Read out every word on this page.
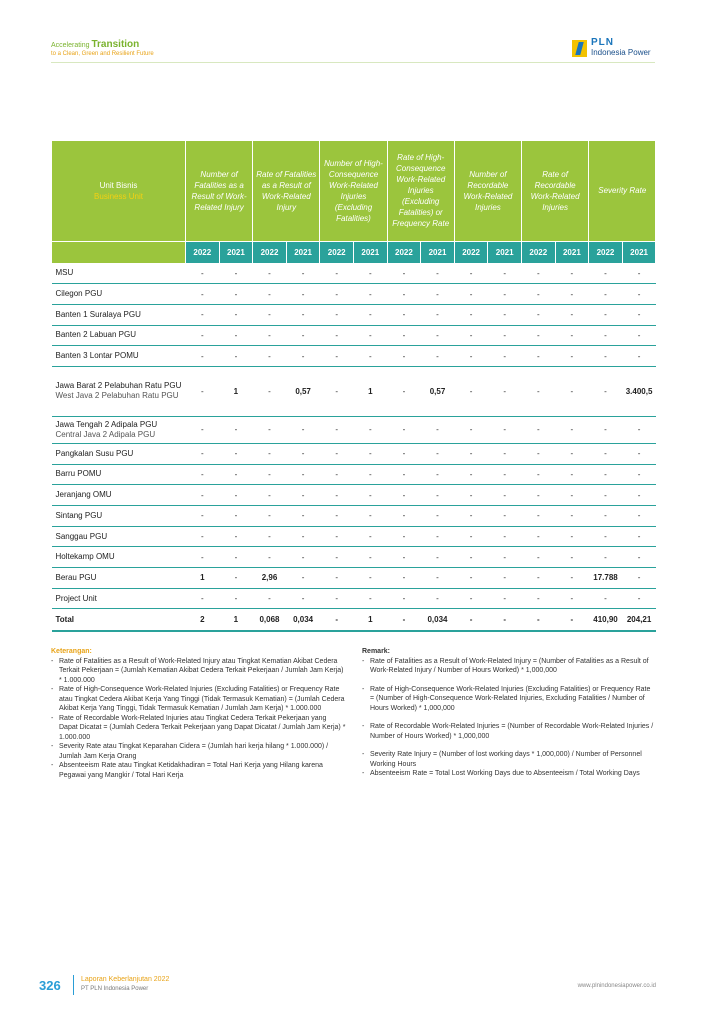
Accelerating Transition
to a Clean, Green and Resilient Future
PLN
Indonesia Power
Unit Bisnis
Business Unit	Number of Fatalities as a Result of Work-Related Injury		Rate of Fatalities as a Result of Work-Related Injury		Number of High-Consequence Work-Related Injuries (Excluding Fatalities)		Rate of High-Consequence Work-Related Injuries (Excluding Fatalities) or Frequency Rate		Number of Recordable Work-Related Injuries		Rate of Recordable Work-Related Injuries		Severity Rate	
	2022	2021	2022	2021	2022	2021	2022	2021	2022	2021	2022	2021	2022	2021
MSU	-	-	-	-	-	-	-	-	-	-	-	-	-	-
Cilegon PGU	-	-	-	-	-	-	-	-	-	-	-	-	-	-
Banten 1 Suralaya PGU	-	-	-	-	-	-	-	-	-	-	-	-	-	-
Banten 2 Labuan PGU	-	-	-	-	-	-	-	-	-	-	-	-	-	-
Banten 3 Lontar POMU	-	-	-	-	-	-	-	-	-	-	-	-	-	-
Jawa Barat 2 Pelabuhan Ratu PGU
West Java 2 Pelabuhan Ratu PGU	-	1	-	0,57	-	1	-	0,57	-	-	-	-	-	3.400,5
Jawa Tengah 2 Adipala PGU
Central Java 2 Adipala PGU	-	-	-	-	-	-	-	-	-	-	-	-	-	-
Pangkalan Susu PGU	-	-	-	-	-	-	-	-	-	-	-	-	-	-
Barru POMU	-	-	-	-	-	-	-	-	-	-	-	-	-	-
Jeranjang OMU	-	-	-	-	-	-	-	-	-	-	-	-	-	-
Sintang PGU	-	-	-	-	-	-	-	-	-	-	-	-	-	-
Sanggau PGU	-	-	-	-	-	-	-	-	-	-	-	-	-	-
Holtekamp OMU	-	-	-	-	-	-	-	-	-	-	-	-	-	-
Berau PGU	1	-	2,96	-	-	-	-	-	-	-	-	-	17.788	-
Project Unit	-	-	-	-	-	-	-	-	-	-	-	-	-	-
Total	2	1	0,068	0,034	-	1	-	0,034	-	-	-	-	410,90	204,21
Keterangan:
- Rate of Fatalities as a Result of Work-Related Injury atau Tingkat Kematian Akibat Cedera Terkait Pekerjaan = (Jumlah Kematian Akibat Cedera Terkait Pekerjaan / Jumlah Jam Kerja) * 1.000.000
- Rate of High-Consequence Work-Related Injuries (Excluding Fatalities) or Frequency Rate atau Tingkat Cedera Akibat Kerja Yang Tinggi (Tidak Termasuk Kematian) = (Jumlah Cedera Akibat Kerja Yang Tinggi, Tidak Termasuk Kematian / Jumlah Jam Kerja) * 1.000.000
- Rate of Recordable Work-Related Injuries atau Tingkat Cedera Terkait Pekerjaan yang Dapat Dicatat = (Jumlah Cedera Terkait Pekerjaan yang Dapat Dicatat / Jumlah Jam Kerja) * 1.000.000
- Severity Rate atau Tingkat Keparahan Cidera = (Jumlah hari kerja hilang * 1.000.000) / Jumlah Jam Kerja Orang
- Absenteeism Rate atau Tingkat Ketidakhadiran = Total Hari Kerja yang Hilang karena Pegawai yang Mangkir / Total Hari Kerja
Remark:
- Rate of Fatalities as a Result of Work-Related Injury = (Number of Fatalities as a Result of Work-Related Injury / Number of Hours Worked) * 1,000,000
- Rate of High-Consequence Work-Related Injuries (Excluding Fatalities) or Frequency Rate = (Number of High-Consequence Work-Related Injuries, Excluding Fatalities / Number of Hours Worked) * 1,000,000
- Rate of Recordable Work-Related Injuries = (Number of Recordable Work-Related Injuries / Number of Hours Worked) * 1,000,000
- Severity Rate Injury = (Number of lost working days * 1,000,000) / Number of Personnel Working Hours
- Absenteeism Rate = Total Lost Working Days due to Absenteeism / Total Working Days
326	Laporan Keberlanjutan 2022
PT PLN Indonesia Power	www.plnindonesiapower.co.id
